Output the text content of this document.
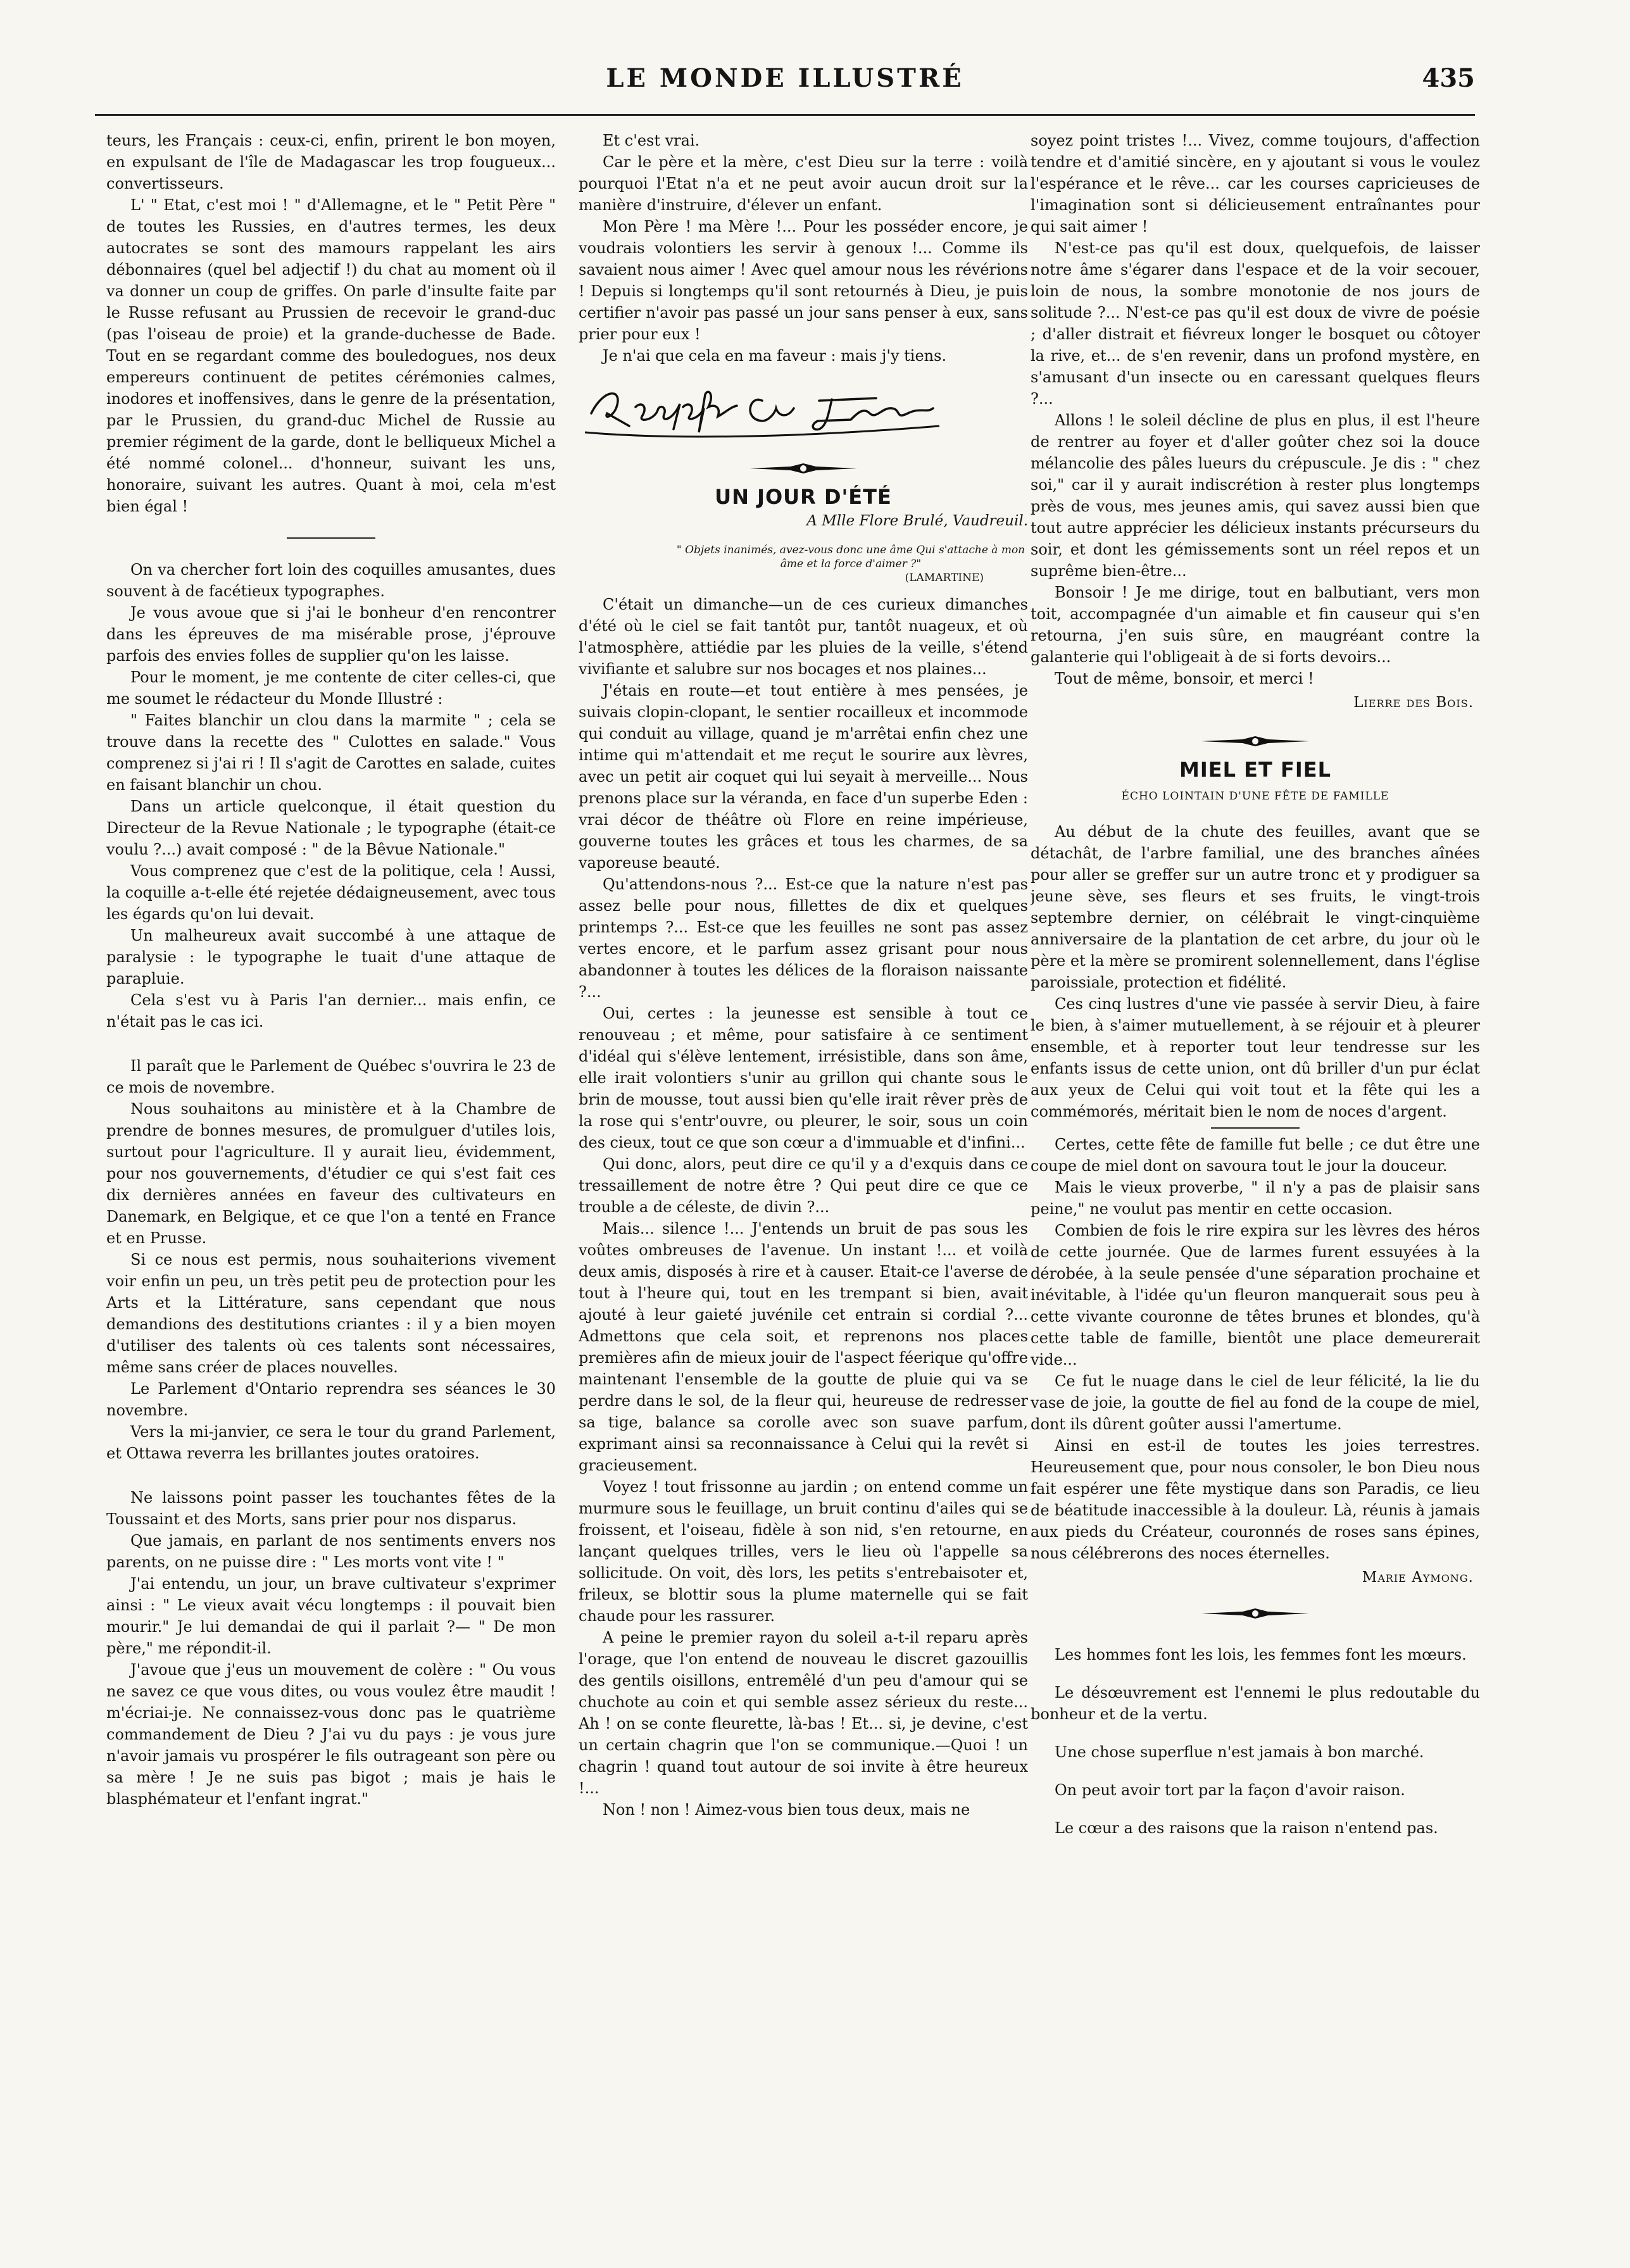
LE MONDE ILLUSTRÉ	435

teurs, les Français : ceux-ci, enfin, prirent le bon moyen, en expulsant de l'île de Madagascar les trop fougueux... convertisseurs.

L' " Etat, c'est moi ! " d'Allemagne, et le " Petit Père " de toutes les Russies, en d'autres termes, les deux autocrates se sont des mamours rappelant les airs débonnaires (quel bel adjectif !) du chat au moment où il va donner un coup de griffes. On parle d'insulte faite par le Russe refusant au Prussien de recevoir le grand-duc (pas l'oiseau de proie) et la grande-duchesse de Bade. Tout en se regardant comme des bouledogues, nos deux empereurs continuent de petites cérémonies calmes, inodores et inoffensives, dans le genre de la présentation, par le Prussien, du grand-duc Michel de Russie au premier régiment de la garde, dont le belliqueux Michel a été nommé colonel... d'honneur, suivant les uns, honoraire, suivant les autres. Quant à moi, cela m'est bien égal !

On va chercher fort loin des coquilles amusantes, dues souvent à de facétieux typographes.

Je vous avoue que si j'ai le bonheur d'en rencontrer dans les épreuves de ma misérable prose, j'éprouve parfois des envies folles de supplier qu'on les laisse.

Pour le moment, je me contente de citer celles-ci, que me soumet le rédacteur du Monde Illustré :

" Faites blanchir un clou dans la marmite " ; cela se trouve dans la recette des " Culottes en salade." Vous comprenez si j'ai ri ! Il s'agit de Carottes en salade, cuites en faisant blanchir un chou.

Dans un article quelconque, il était question du Directeur de la Revue Nationale ; le typographe (était-ce voulu ?...) avait composé : " de la Bêvue Nationale."

Vous comprenez que c'est de la politique, cela ! Aussi, la coquille a-t-elle été rejetée dédaigneusement, avec tous les égards qu'on lui devait.

Un malheureux avait succombé à une attaque de paralysie : le typographe le tuait d'une attaque de parapluie.

Cela s'est vu à Paris l'an dernier... mais enfin, ce n'était pas le cas ici.

Il paraît que le Parlement de Québec s'ouvrira le 23 de ce mois de novembre.

Nous souhaitons au ministère et à la Chambre de prendre de bonnes mesures, de promulguer d'utiles lois, surtout pour l'agriculture. Il y aurait lieu, évidemment, pour nos gouvernements, d'étudier ce qui s'est fait ces dix dernières années en faveur des cultivateurs en Danemark, en Belgique, et ce que l'on a tenté en France et en Prusse.

Si ce nous est permis, nous souhaiterions vivement voir enfin un peu, un très petit peu de protection pour les Arts et la Littérature, sans cependant que nous demandions des destitutions criantes : il y a bien moyen d'utiliser des talents où ces talents sont nécessaires, même sans créer de places nouvelles.

Le Parlement d'Ontario reprendra ses séances le 30 novembre.

Vers la mi-janvier, ce sera le tour du grand Parlement, et Ottawa reverra les brillantes joutes oratoires.

Ne laissons point passer les touchantes fêtes de la Toussaint et des Morts, sans prier pour nos disparus.

Que jamais, en parlant de nos sentiments envers nos parents, on ne puisse dire : " Les morts vont vite ! "

J'ai entendu, un jour, un brave cultivateur s'exprimer ainsi : " Le vieux avait vécu longtemps : il pouvait bien mourir." Je lui demandai de qui il parlait ?— " De mon père," me répondit-il.

J'avoue que j'eus un mouvement de colère : " Ou vous ne savez ce que vous dites, ou vous voulez être maudit ! m'écriai-je. Ne connaissez-vous donc pas le quatrième commandement de Dieu ? J'ai vu du pays : je vous jure n'avoir jamais vu prospérer le fils outrageant son père ou sa mère ! Je ne suis pas bigot ; mais je hais le blasphémateur et l'enfant ingrat."

Et c'est vrai.

Car le père et la mère, c'est Dieu sur la terre : voilà pourquoi l'Etat n'a et ne peut avoir aucun droit sur la manière d'instruire, d'élever un enfant.

Mon Père ! ma Mère !... Pour les posséder encore, je voudrais volontiers les servir à genoux !... Comme ils savaient nous aimer ! Avec quel amour nous les révérions ! Depuis si longtemps qu'il sont retournés à Dieu, je puis certifier n'avoir pas passé un jour sans penser à eux, sans prier pour eux !

Je n'ai que cela en ma faveur : mais j'y tiens.

UN JOUR D'ÉTÉ
A Mlle Flore Brulé, Vaudreuil.
" Objets inanimés, avez-vous donc une âme Qui s'attache à mon âme et la force d'aimer ?"
(LAMARTINE)

C'était un dimanche—un de ces curieux dimanches d'été où le ciel se fait tantôt pur, tantôt nuageux, et où l'atmosphère, attiédie par les pluies de la veille, s'étend vivifiante et salubre sur nos bocages et nos plaines...

J'étais en route—et tout entière à mes pensées, je suivais clopin-clopant, le sentier rocailleux et incommode qui conduit au village, quand je m'arrêtai enfin chez une intime qui m'attendait et me reçut le sourire aux lèvres, avec un petit air coquet qui lui seyait à merveille... Nous prenons place sur la véranda, en face d'un superbe Eden : vrai décor de théâtre où Flore en reine impérieuse, gouverne toutes les grâces et tous les charmes, de sa vaporeuse beauté.

Qu'attendons-nous ?... Est-ce que la nature n'est pas assez belle pour nous, fillettes de dix et quelques printemps ?... Est-ce que les feuilles ne sont pas assez vertes encore, et le parfum assez grisant pour nous abandonner à toutes les délices de la floraison naissante ?...

Oui, certes : la jeunesse est sensible à tout ce renouveau ; et même, pour satisfaire à ce sentiment d'idéal qui s'élève lentement, irrésistible, dans son âme, elle irait volontiers s'unir au grillon qui chante sous le brin de mousse, tout aussi bien qu'elle irait rêver près de la rose qui s'entr'ouvre, ou pleurer, le soir, sous un coin des cieux, tout ce que son cœur a d'immuable et d'infini...

Qui donc, alors, peut dire ce qu'il y a d'exquis dans ce tressaillement de notre être ? Qui peut dire ce que ce trouble a de céleste, de divin ?...

Mais... silence !... J'entends un bruit de pas sous les voûtes ombreuses de l'avenue. Un instant !... et voilà deux amis, disposés à rire et à causer. Etait-ce l'averse de tout à l'heure qui, tout en les trempant si bien, avait ajouté à leur gaieté juvénile cet entrain si cordial ?... Admettons que cela soit, et reprenons nos places premières afin de mieux jouir de l'aspect féerique qu'offre maintenant l'ensemble de la goutte de pluie qui va se perdre dans le sol, de la fleur qui, heureuse de redresser sa tige, balance sa corolle avec son suave parfum, exprimant ainsi sa reconnaissance à Celui qui la revêt si gracieusement.

Voyez ! tout frissonne au jardin ; on entend comme un murmure sous le feuillage, un bruit continu d'ailes qui se froissent, et l'oiseau, fidèle à son nid, s'en retourne, en lançant quelques trilles, vers le lieu où l'appelle sa sollicitude. On voit, dès lors, les petits s'entrebaisoter et, frileux, se blottir sous la plume maternelle qui se fait chaude pour les rassurer.

A peine le premier rayon du soleil a-t-il reparu après l'orage, que l'on entend de nouveau le discret gazouillis des gentils oisillons, entremêlé d'un peu d'amour qui se chuchote au coin et qui semble assez sérieux du reste... Ah ! on se conte fleurette, là-bas ! Et... si, je devine, c'est un certain chagrin que l'on se communique.—Quoi ! un chagrin ! quand tout autour de soi invite à être heureux !...

Non ! non ! Aimez-vous bien tous deux, mais ne

soyez point tristes !... Vivez, comme toujours, d'affection tendre et d'amitié sincère, en y ajoutant si vous le voulez l'espérance et le rêve... car les courses capricieuses de l'imagination sont si délicieusement entraînantes pour qui sait aimer !

N'est-ce pas qu'il est doux, quelquefois, de laisser notre âme s'égarer dans l'espace et de la voir secouer, loin de nous, la sombre monotonie de nos jours de solitude ?... N'est-ce pas qu'il est doux de vivre de poésie ; d'aller distrait et fiévreux longer le bosquet ou côtoyer la rive, et... de s'en revenir, dans un profond mystère, en s'amusant d'un insecte ou en caressant quelques fleurs ?...

Allons ! le soleil décline de plus en plus, il est l'heure de rentrer au foyer et d'aller goûter chez soi la douce mélancolie des pâles lueurs du crépuscule. Je dis : " chez soi," car il y aurait indiscrétion à rester plus longtemps près de vous, mes jeunes amis, qui savez aussi bien que tout autre apprécier les délicieux instants précurseurs du soir, et dont les gémissements sont un réel repos et un suprême bien-être...

Bonsoir ! Je me dirige, tout en balbutiant, vers mon toit, accompagnée d'un aimable et fin causeur qui s'en retourna, j'en suis sûre, en maugréant contre la galanterie qui l'obligeait à de si forts devoirs...

Tout de même, bonsoir, et merci !

Lierre des Bois.
MIEL ET FIEL
ÉCHO LOINTAIN D'UNE FÊTE DE FAMILLE

Au début de la chute des feuilles, avant que se détachât, de l'arbre familial, une des branches aînées pour aller se greffer sur un autre tronc et y prodiguer sa jeune sève, ses fleurs et ses fruits, le vingt-trois septembre dernier, on célébrait le vingt-cinquième anniversaire de la plantation de cet arbre, du jour où le père et la mère se promirent solennellement, dans l'église paroissiale, protection et fidélité.

Ces cinq lustres d'une vie passée à servir Dieu, à faire le bien, à s'aimer mutuellement, à se réjouir et à pleurer ensemble, et à reporter tout leur tendresse sur les enfants issus de cette union, ont dû briller d'un pur éclat aux yeux de Celui qui voit tout et la fête qui les a commémorés, méritait bien le nom de noces d'argent.

Certes, cette fête de famille fut belle ; ce dut être une coupe de miel dont on savoura tout le jour la douceur.

Mais le vieux proverbe, " il n'y a pas de plaisir sans peine," ne voulut pas mentir en cette occasion.

Combien de fois le rire expira sur les lèvres des héros de cette journée. Que de larmes furent essuyées à la dérobée, à la seule pensée d'une séparation prochaine et inévitable, à l'idée qu'un fleuron manquerait sous peu à cette vivante couronne de têtes brunes et blondes, qu'à cette table de famille, bientôt une place demeurerait vide...

Ce fut le nuage dans le ciel de leur félicité, la lie du vase de joie, la goutte de fiel au fond de la coupe de miel, dont ils dûrent goûter aussi l'amertume.

Ainsi en est-il de toutes les joies terrestres. Heureusement que, pour nous consoler, le bon Dieu nous fait espérer une fête mystique dans son Paradis, ce lieu de béatitude inaccessible à la douleur. Là, réunis à jamais aux pieds du Créateur, couronnés de roses sans épines, nous célébrerons des noces éternelles.

Marie Aymong.

Les hommes font les lois, les femmes font les mœurs.

Le désœuvrement est l'ennemi le plus redoutable du bonheur et de la vertu.

Une chose superflue n'est jamais à bon marché.

On peut avoir tort par la façon d'avoir raison.

Le cœur a des raisons que la raison n'entend pas.
